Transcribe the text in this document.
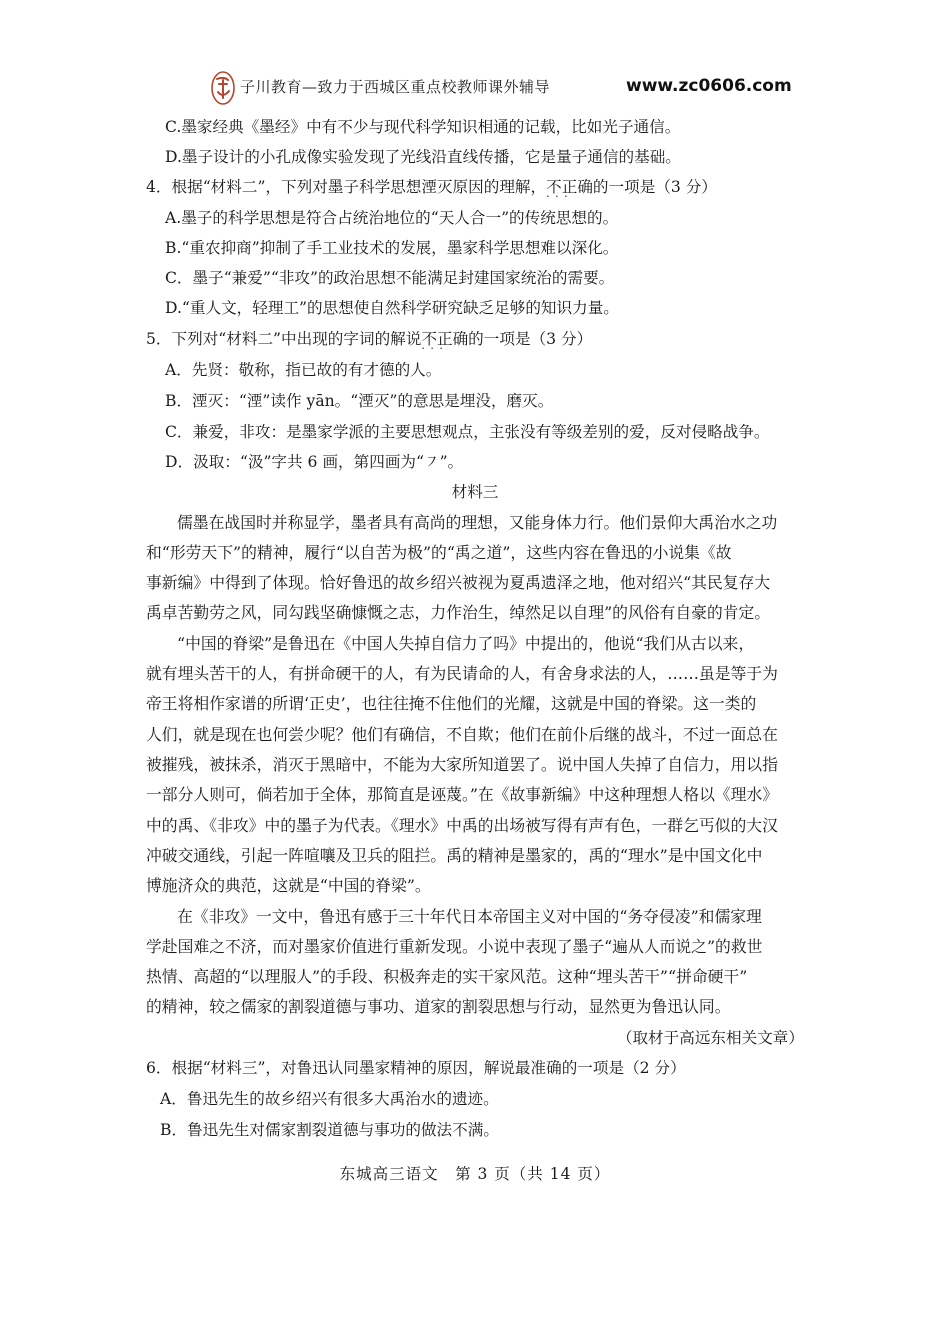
子川教育—致力于西城区重点校教师课外辅导	www.zc0606.com
C.墨家经典《墨经》中有不少与现代科学知识相通的记载，比如光子通信。
D.墨子设计的小孔成像实验发现了光线沿直线传播，它是量子通信的基础。
4．根据“材料二”，下列对墨子科学思想湮灭原因的理解，不正确 · · ·的一项是（3 分）
A.墨子的科学思想是符合占统治地位的“天人合一”的传统思想的。
B.“重农抑商”抑制了手工业技术的发展，墨家科学思想难以深化。
C．墨子“兼爱”“非攻”的政治思想不能满足封建国家统治的需要。
D.“重人文，轻理工”的思想使自然科学研究缺乏足够的知识力量。
5．下列对“材料二”中出现的字词的解说不正确 · · ·的一项是（3 分）
A．先贤：敬称，指已故的有才德的人。
B．湮灭：“湮”读作 yān。“湮灭”的意思是埋没，磨灭。
C．兼爱，非攻：是墨家学派的主要思想观点，主张没有等级差别的爱，反对侵略战争。
D．汲取：“汲”字共 6 画，第四画为“㇇”。
材料三
儒墨在战国时并称显学，墨者具有高尚的理想，又能身体力行。他们景仰大禹治水之功
和“形劳天下”的精神，履行“以自苦为极”的“禹之道”，这些内容在鲁迅的小说集《故
事新编》中得到了体现。恰好鲁迅的故乡绍兴被视为夏禹遗泽之地，他对绍兴“其民复存大
禹卓苦勤劳之风，同勾践坚确慷慨之志，力作治生，绰然足以自理”的风俗有自豪的肯定。
“中国的脊梁”是鲁迅在《中国人失掉自信力了吗》中提出的，他说“我们从古以来，
就有埋头苦干的人，有拼命硬干的人，有为民请命的人，有舍身求法的人，……虽是等于为
帝王将相作家谱的所谓‘正史’，也往往掩不住他们的光耀，这就是中国的脊梁。这一类的
人们，就是现在也何尝少呢？他们有确信，不自欺；他们在前仆后继的战斗，不过一面总在
被摧残，被抹杀，消灭于黑暗中，不能为大家所知道罢了。说中国人失掉了自信力，用以指
一部分人则可，倘若加于全体，那简直是诬蔑。”在《故事新编》中这种理想人格以《理水》
中的禹、《非攻》中的墨子为代表。《理水》中禹的出场被写得有声有色，一群乞丐似的大汉
冲破交通线，引起一阵喧嚷及卫兵的阻拦。禹的精神是墨家的，禹的“理水”是中国文化中
博施济众的典范，这就是“中国的脊梁”。
在《非攻》一文中，鲁迅有感于三十年代日本帝国主义对中国的“务夺侵凌”和儒家理
学赴国难之不济，而对墨家价值进行重新发现。小说中表现了墨子“遍从人而说之”的救世
热情、高超的“以理服人”的手段、积极奔走的实干家风范。这种“埋头苦干”“拼命硬干”
的精神，较之儒家的割裂道德与事功、道家的割裂思想与行动，显然更为鲁迅认同。
（取材于高远东相关文章）
6．根据“材料三”，对鲁迅认同墨家精神的原因，解说最准确的一项是（2 分）
A．鲁迅先生的故乡绍兴有很多大禹治水的遗迹。
B．鲁迅先生对儒家割裂道德与事功的做法不满。
东城高三语文　第 3 页（共 14 页）
